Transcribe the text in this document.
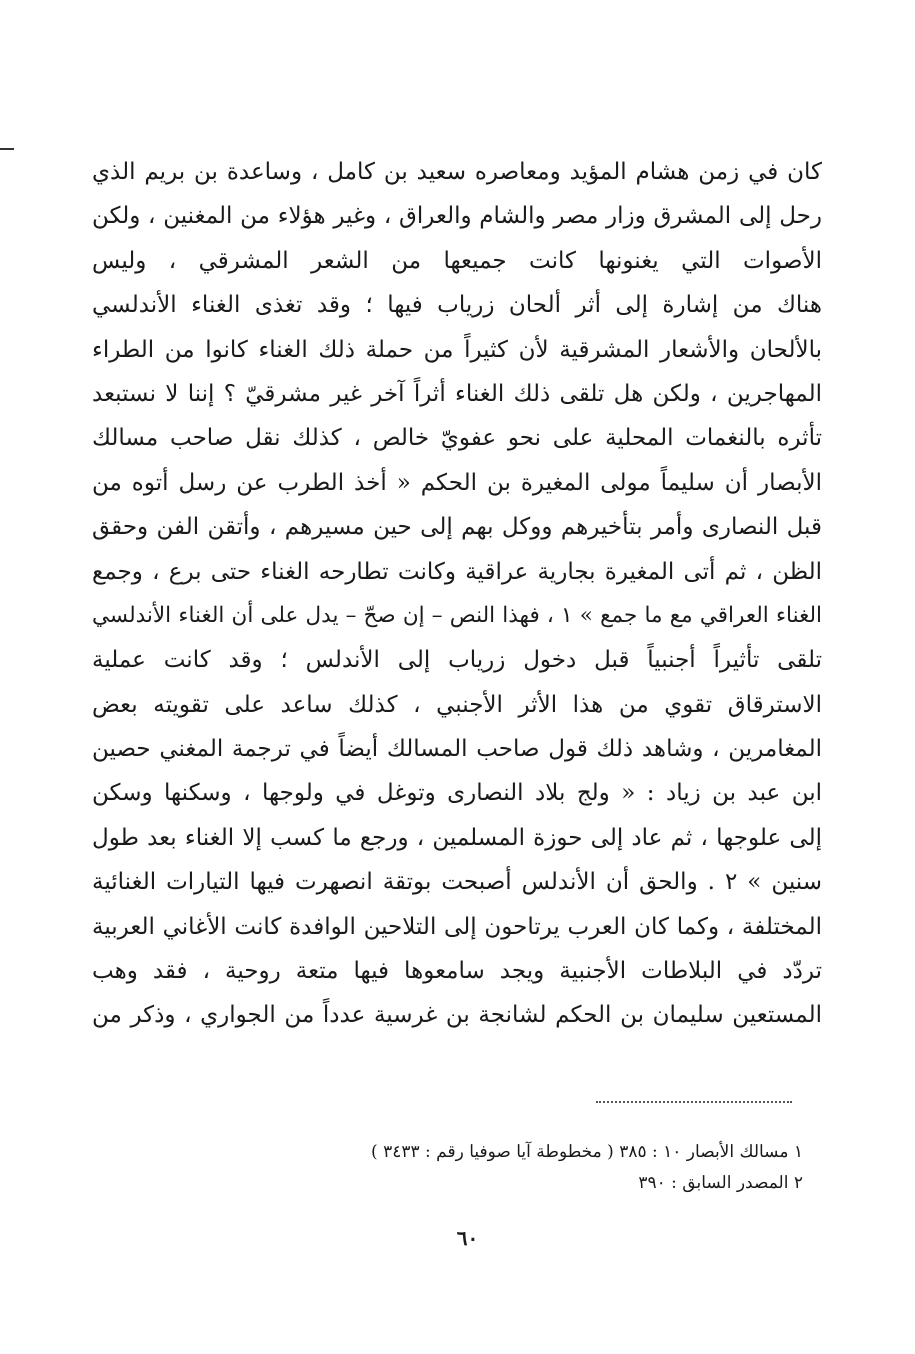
كان في زمن هشام المؤيد ومعاصره سعيد بن كامل ، وساعدة بن بريم الذي
رحل إلى المشرق وزار مصر والشام والعراق ، وغير هؤلاء من المغنين ، ولكن
الأصوات التي يغنونها كانت جميعها من الشعر المشرقي ، وليس
هناك من إشارة إلى أثر ألحان زرياب فيها ؛ وقد تغذى الغناء الأندلسي
بالألحان والأشعار المشرقية لأن كثيراً من حملة ذلك الغناء كانوا من الطراء
المهاجرين ، ولكن هل تلقى ذلك الغناء أثراً آخر غير مشرقيّ ؟ إننا لا نستبعد
تأثره بالنغمات المحلية على نحو عفويّ خالص ، كذلك نقل صاحب مسالك
الأبصار أن سليماً مولى المغيرة بن الحكم « أخذ الطرب عن رسل أتوه من
قبل النصارى وأمر بتأخيرهم ووكل بهم إلى حين مسيرهم ، وأتقن الفن وحقق
الظن ، ثم أتى المغيرة بجارية عراقية وكانت تطارحه الغناء حتى برع ، وجمع
الغناء العراقي مع ما جمع » ١ ، فهذا النص – إن صحّ – يدل على أن الغناء الأندلسي
تلقى تأثيراً أجنبياً قبل دخول زرياب إلى الأندلس ؛ وقد كانت عملية
الاسترقاق تقوي من هذا الأثر الأجنبي ، كذلك ساعد على تقويته بعض
المغامرين ، وشاهد ذلك قول صاحب المسالك أيضاً في ترجمة المغني حصين
ابن عبد بن زياد : « ولج بلاد النصارى وتوغل في ولوجها ، وسكنها وسكن
إلى علوجها ، ثم عاد إلى حوزة المسلمين ، ورجع ما كسب إلا الغناء بعد طول
سنين » ٢ . والحق أن الأندلس أصبحت بوتقة انصهرت فيها التيارات الغنائية
المختلفة ، وكما كان العرب يرتاحون إلى التلاحين الوافدة كانت الأغاني العربية
تردّد في البلاطات الأجنبية ويجد سامعوها فيها متعة روحية ، فقد وهب
المستعين سليمان بن الحكم لشانجة بن غرسية عدداً من الجواري ، وذكر من
١ مسالك الأبصار ١٠ : ٣٨٥ ( مخطوطة آيا صوفيا رقم : ٣٤٣٣ )
٢ المصدر السابق : ٣٩٠
٦٠
